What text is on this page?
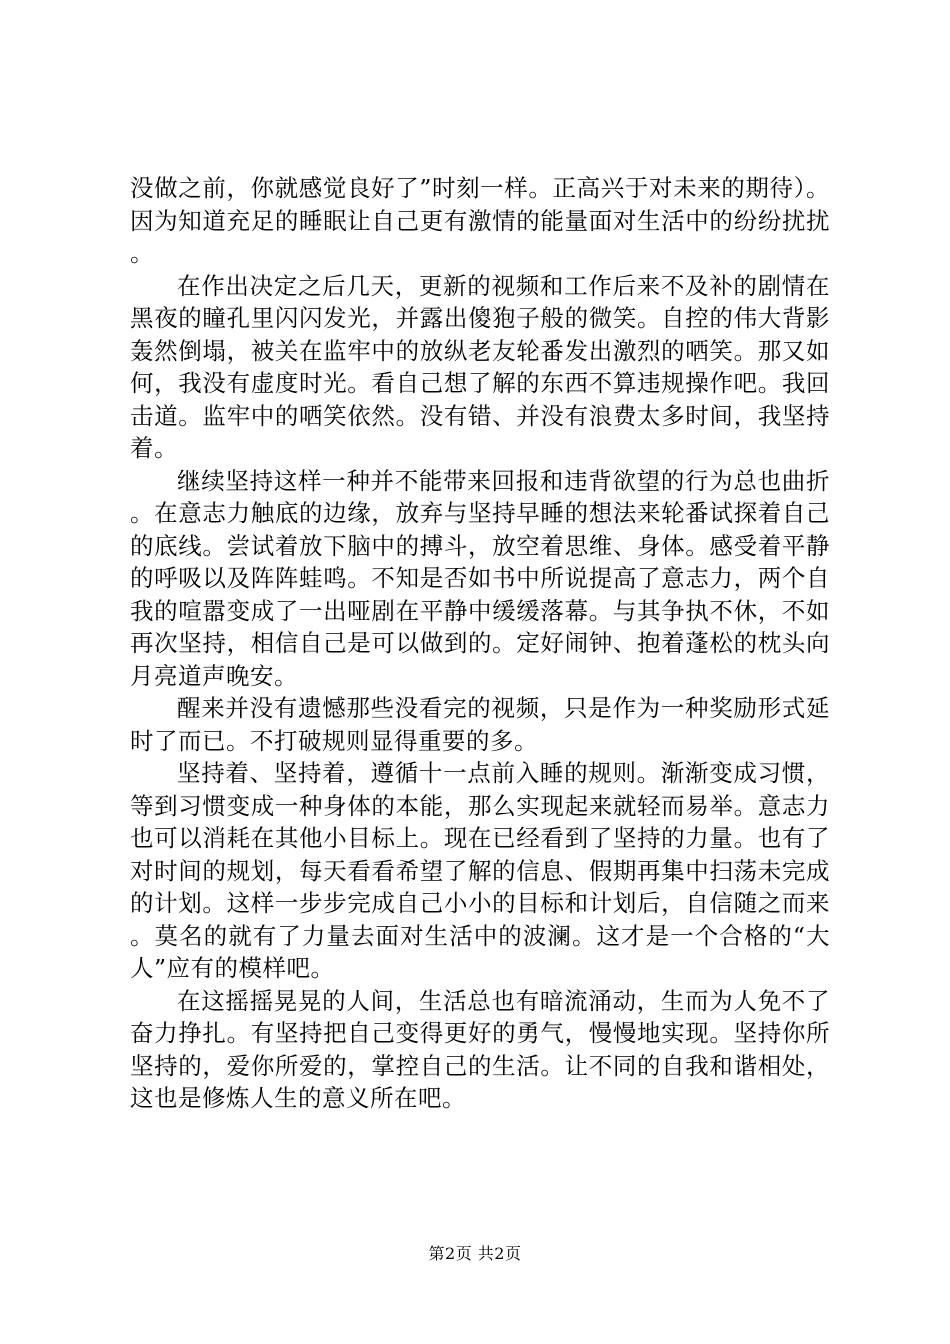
没做之前，你就感觉良好了”时刻一样。正高兴于对未来的期待）。因为知道充足的睡眠让自己更有激情的能量面对生活中的纷纷扰扰。

在作出决定之后几天，更新的视频和工作后来不及补的剧情在黑夜的瞳孔里闪闪发光，并露出傻狍子般的微笑。自控的伟大背影轰然倒塌，被关在监牢中的放纵老友轮番发出激烈的哂笑。那又如何，我没有虚度时光。看自己想了解的东西不算违规操作吧。我回击道。监牢中的哂笑依然。没有错、并没有浪费太多时间，我坚持着。

继续坚持这样一种并不能带来回报和违背欲望的行为总也曲折。在意志力触底的边缘，放弃与坚持早睡的想法来轮番试探着自己的底线。尝试着放下脑中的搏斗，放空着思维、身体。感受着平静的呼吸以及阵阵蛙鸣。不知是否如书中所说提高了意志力，两个自我的喧嚣变成了一出哑剧在平静中缓缓落幕。与其争执不休，不如再次坚持，相信自己是可以做到的。定好闹钟、抱着蓬松的枕头向月亮道声晚安。

醒来并没有遗憾那些没看完的视频，只是作为一种奖励形式延时了而已。不打破规则显得重要的多。

坚持着、坚持着，遵循十一点前入睡的规则。渐渐变成习惯，等到习惯变成一种身体的本能，那么实现起来就轻而易举。意志力也可以消耗在其他小目标上。现在已经看到了坚持的力量。也有了对时间的规划，每天看看希望了解的信息、假期再集中扫荡未完成的计划。这样一步步完成自己小小的目标和计划后，自信随之而来。莫名的就有了力量去面对生活中的波澜。这才是一个合格的“大人”应有的模样吧。

在这摇摇晃晃的人间，生活总也有暗流涌动，生而为人免不了奋力挣扎。有坚持把自己变得更好的勇气，慢慢地实现。坚持你所坚持的，爱你所爱的，掌控自己的生活。让不同的自我和谐相处，这也是修炼人生的意义所在吧。

第2页 共2页
